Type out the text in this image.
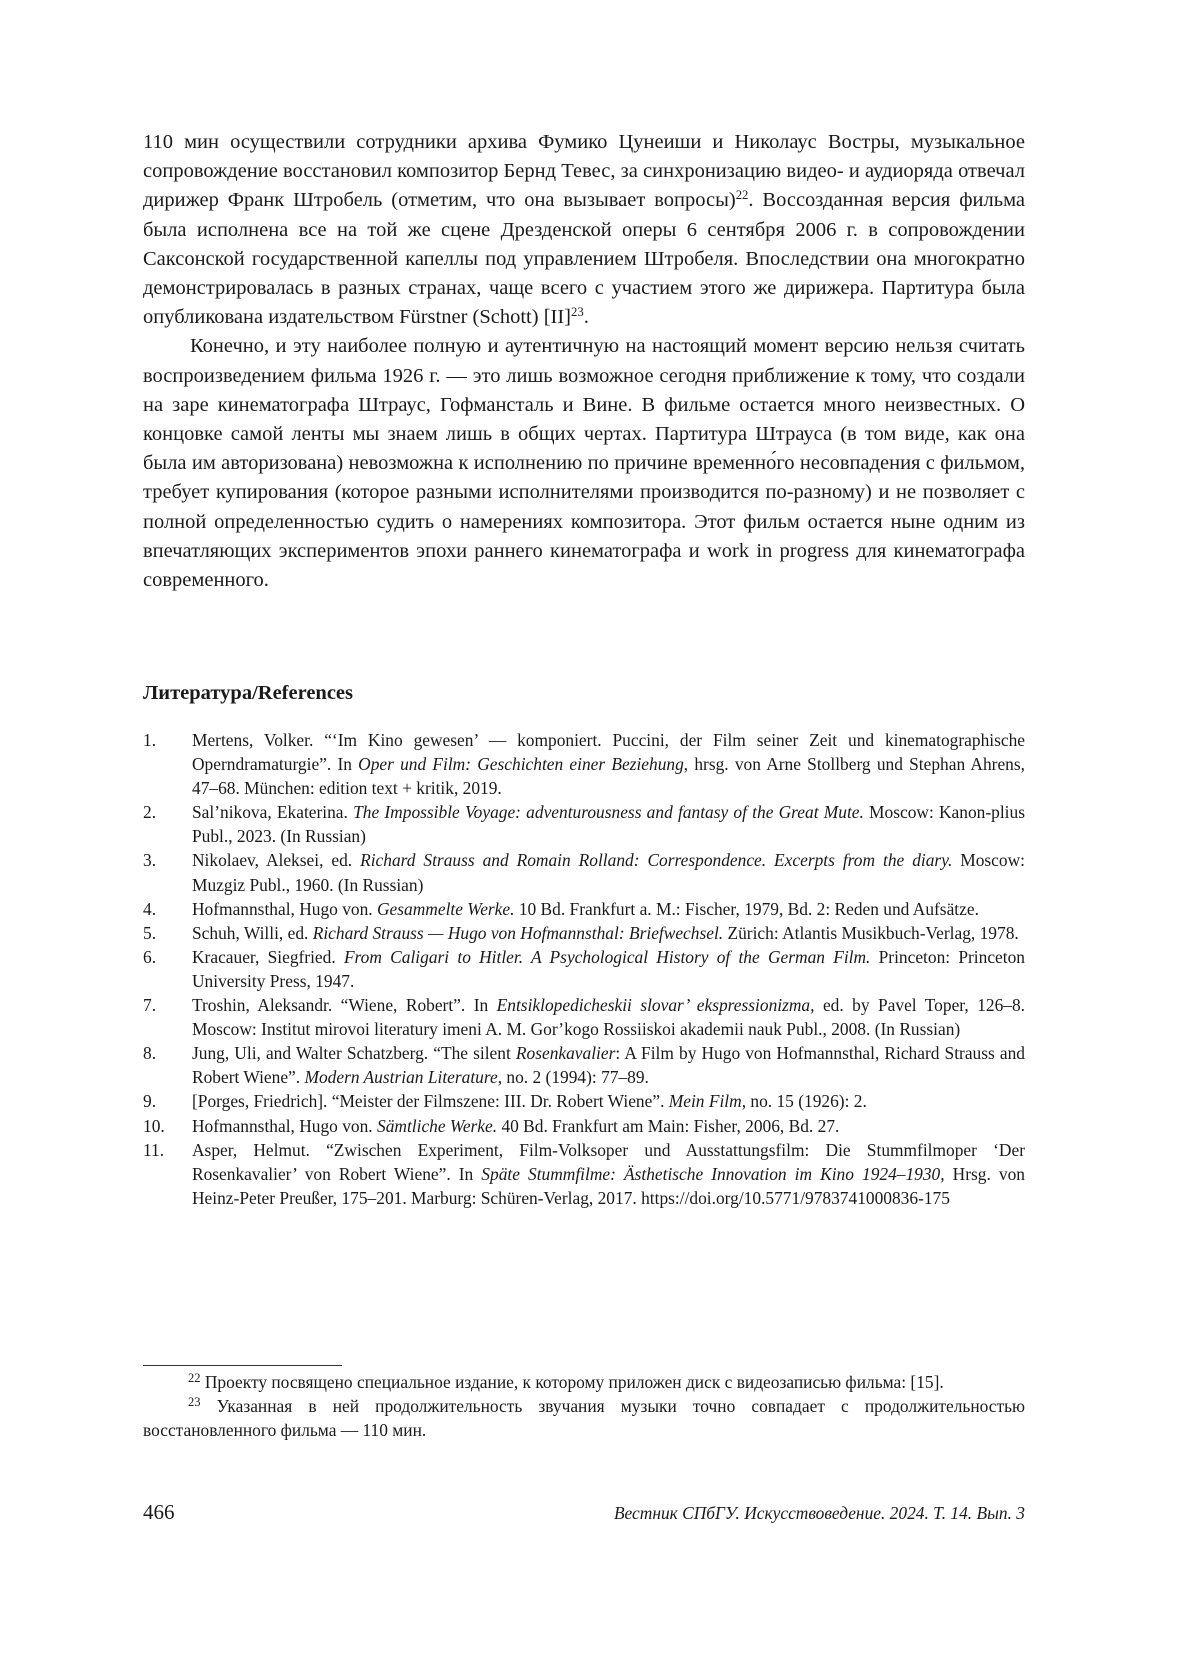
110 мин осуществили сотрудники архива Фумико Цунеиши и Николаус Востры, музыкальное сопровождение восстановил композитор Бернд Тевес, за синхронизацию видео- и аудиоряда отвечал дирижер Франк Штробель (отметим, что она вызывает вопросы)$^{22}$. Воссозданная версия фильма была исполнена все на той же сцене Дрезденской оперы 6 сентября 2006 г. в сопровождении Саксонской государственной капеллы под управлением Штробеля. Впоследствии она многократно демонстрировалась в разных странах, чаще всего с участием этого же дирижера. Партитура была опубликована издательством Fürstner (Schott) [II]$^{23}$.

Конечно, и эту наиболее полную и аутентичную на настоящий момент версию нельзя считать воспроизведением фильма 1926 г. — это лишь возможное сегодня приближение к тому, что создали на заре кинематографа Штраус, Гофмансталь и Вине. В фильме остается много неизвестных. О концовке самой ленты мы знаем лишь в общих чертах. Партитура Штрауса (в том виде, как она была им авторизована) невозможна к исполнению по причине временно́го несовпадения с фильмом, требует купирования (которое разными исполнителями производится по-разному) и не позволяет с полной определенностью судить о намерениях композитора. Этот фильм остается ныне одним из впечатляющих экспериментов эпохи раннего кинематографа и work in progress для кинематографа современного.

Литература/References
1. Mertens, Volker. “‘Im Kino gewesen’ — komponiert. Puccini, der Film seiner Zeit und kinematographische Operndramaturgie”. In Oper und Film: Geschichten einer Beziehung, hrsg. von Arne Stollberg und Stephan Ahrens, 47–68. München: edition text + kritik, 2019.
2. Sal’nikova, Ekaterina. The Impossible Voyage: adventurousness and fantasy of the Great Mute. Moscow: Kanon-plius Publ., 2023. (In Russian)
3. Nikolaev, Aleksei, ed. Richard Strauss and Romain Rolland: Correspondence. Excerpts from the diary. Moscow: Muzgiz Publ., 1960. (In Russian)
4. Hofmannsthal, Hugo von. Gesammelte Werke. 10 Bd. Frankfurt a. M.: Fischer, 1979, Bd. 2: Reden und Aufsätze.
5. Schuh, Willi, ed. Richard Strauss — Hugo von Hofmannsthal: Briefwechsel. Zürich: Atlantis Musikbuch-Verlag, 1978.
6. Kracauer, Siegfried. From Caligari to Hitler. A Psychological History of the German Film. Princeton: Princeton University Press, 1947.
7. Troshin, Aleksandr. “Wiene, Robert”. In Entsiklopedicheskii slovar’ ekspressionizma, ed. by Pavel Toper, 126–8. Moscow: Institut mirovoi literatury imeni A. M. Gor’kogo Rossiiskoi akademii nauk Publ., 2008. (In Russian)
8. Jung, Uli, and Walter Schatzberg. “The silent Rosenkavalier: A Film by Hugo von Hofmannsthal, Richard Strauss and Robert Wiene”. Modern Austrian Literature, no. 2 (1994): 77–89.
9. [Porges, Friedrich]. “Meister der Filmszene: III. Dr. Robert Wiene”. Mein Film, no. 15 (1926): 2.
10. Hofmannsthal, Hugo von. Sämtliche Werke. 40 Bd. Frankfurt am Main: Fisher, 2006, Bd. 27.
11. Asper, Helmut. “Zwischen Experiment, Film-Volksoper und Ausstattungsfilm: Die Stummfilmoper ‘Der Rosenkavalier’ von Robert Wiene”. In Späte Stummfilme: Ästhetische Innovation im Kino 1924–1930, Hrsg. von Heinz-Peter Preußer, 175–201. Marburg: Schüren-Verlag, 2017. https://doi.org/10.5771/9783741000836-175

$^{22}$ Проекту посвящено специальное издание, к которому приложен диск с видеозаписью фильма: [15].

$^{23}$ Указанная в ней продолжительность звучания музыки точно совпадает с продолжительностью восстановленного фильма — 110 мин.

466	Вестник СПбГУ. Искусствоведение. 2024. Т. 14. Вып. 3
